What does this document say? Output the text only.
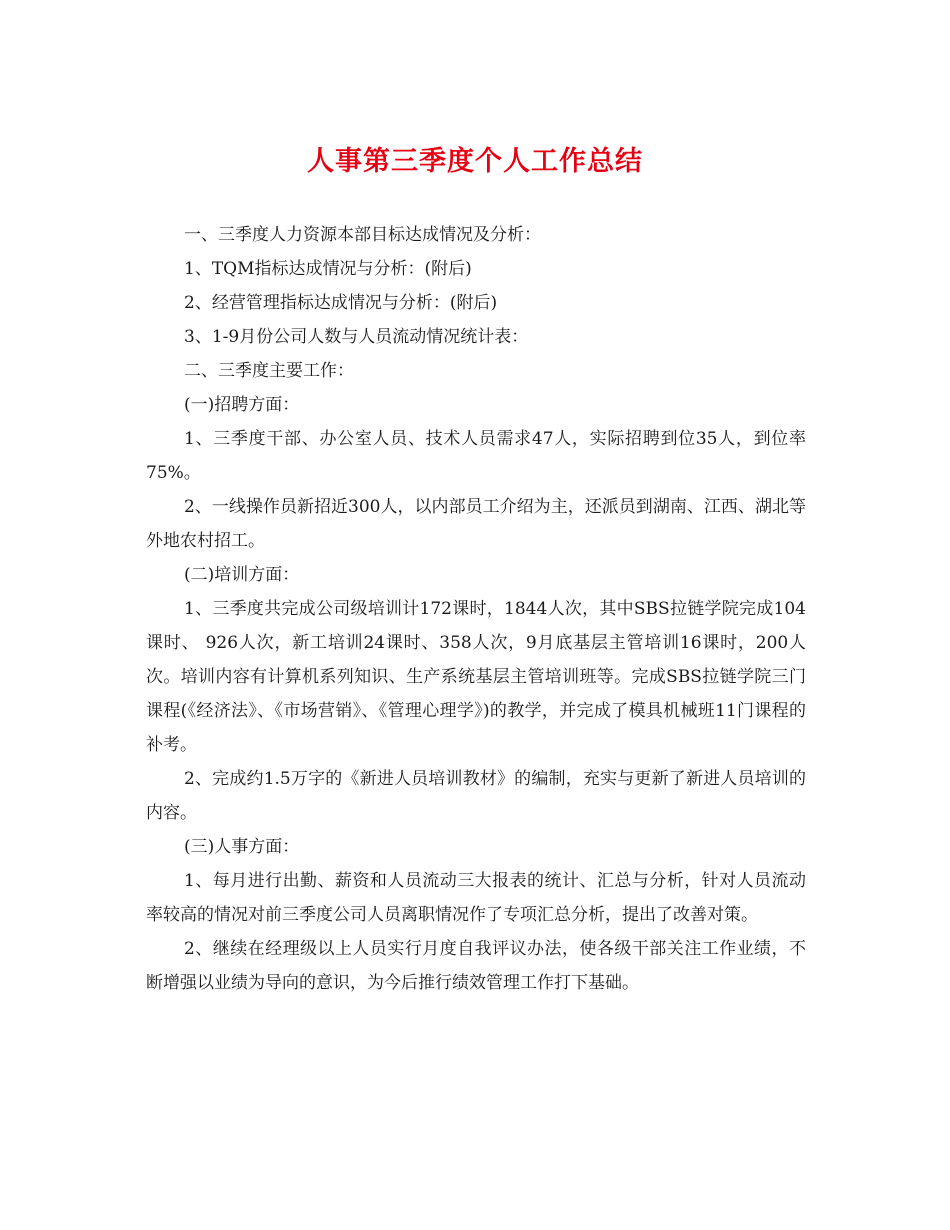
人事第三季度个人工作总结

一、三季度人力资源本部目标达成情况及分析：

1、TQM指标达成情况与分析：(附后)

2、经营管理指标达成情况与分析：(附后)

3、1-9月份公司人数与人员流动情况统计表：

二、三季度主要工作：

(一)招聘方面：

1、三季度干部、办公室人员、技术人员需求47人，实际招聘到位35人，到位率75%。

2、一线操作员新招近300人，以内部员工介绍为主，还派员到湖南、江西、湖北等外地农村招工。

(二)培训方面：

1、三季度共完成公司级培训计172课时，1844人次，其中SBS拉链学院完成104课时、 926人次，新工培训24课时、358人次，9月底基层主管培训16课时，200人次。培训内容有计算机系列知识、生产系统基层主管培训班等。完成SBS拉链学院三门课程(《经济法》、《市场营销》、《管理心理学》)的教学，并完成了模具机械班11门课程的补考。

2、完成约1.5万字的《新进人员培训教材》的编制，充实与更新了新进人员培训的内容。

(三)人事方面：

1、每月进行出勤、薪资和人员流动三大报表的统计、汇总与分析，针对人员流动率较高的情况对前三季度公司人员离职情况作了专项汇总分析，提出了改善对策。

2、继续在经理级以上人员实行月度自我评议办法，使各级干部关注工作业绩，不断增强以业绩为导向的意识，为今后推行绩效管理工作打下基础。
